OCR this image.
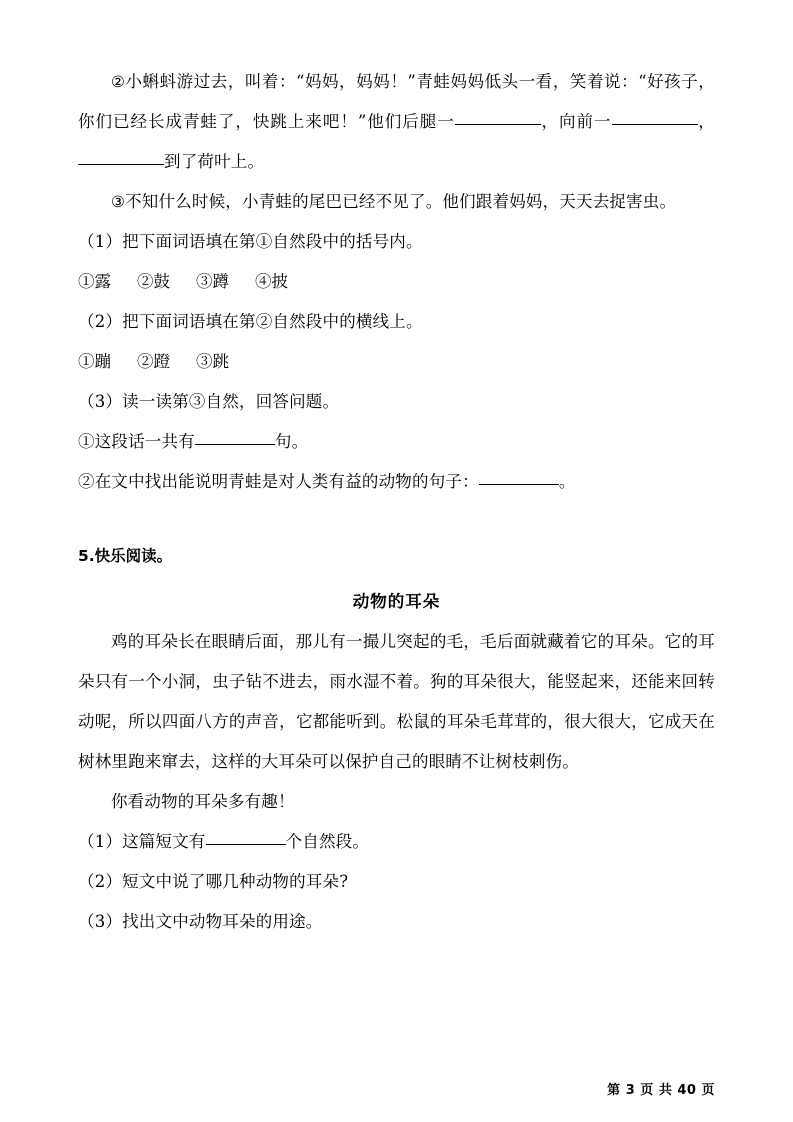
②小蝌蚪游过去，叫着：“妈妈，妈妈！”青蛙妈妈低头一看，笑着说：“好孩子，你们已经长成青蛙了，快跳上来吧！”他们后腿一	，向前一	，到了荷叶上。

③不知什么时候，小青蛙的尾巴已经不见了。他们跟着妈妈，天天去捉害虫。

（1）把下面词语填在第①自然段中的括号内。

①露 ②鼓 ③蹲 ④披

（2）把下面词语填在第②自然段中的横线上。

①蹦 ②蹬 ③跳

（3）读一读第③自然，回答问题。

①这段话一共有	句。

②在文中找出能说明青蛙是对人类有益的动物的句子：	。

5.快乐阅读。

动物的耳朵

鸡的耳朵长在眼睛后面，那儿有一撮儿突起的毛，毛后面就藏着它的耳朵。它的耳朵只有一个小洞，虫子钻不进去，雨水湿不着。狗的耳朵很大，能竖起来，还能来回转动呢，所以四面八方的声音，它都能听到。松鼠的耳朵毛茸茸的，很大很大，它成天在树林里跑来窜去，这样的大耳朵可以保护自己的眼睛不让树枝刺伤。

你看动物的耳朵多有趣！

（1）这篇短文有	个自然段。

（2）短文中说了哪几种动物的耳朵?

（3）找出文中动物耳朵的用途。

第 3 页 共 40 页
